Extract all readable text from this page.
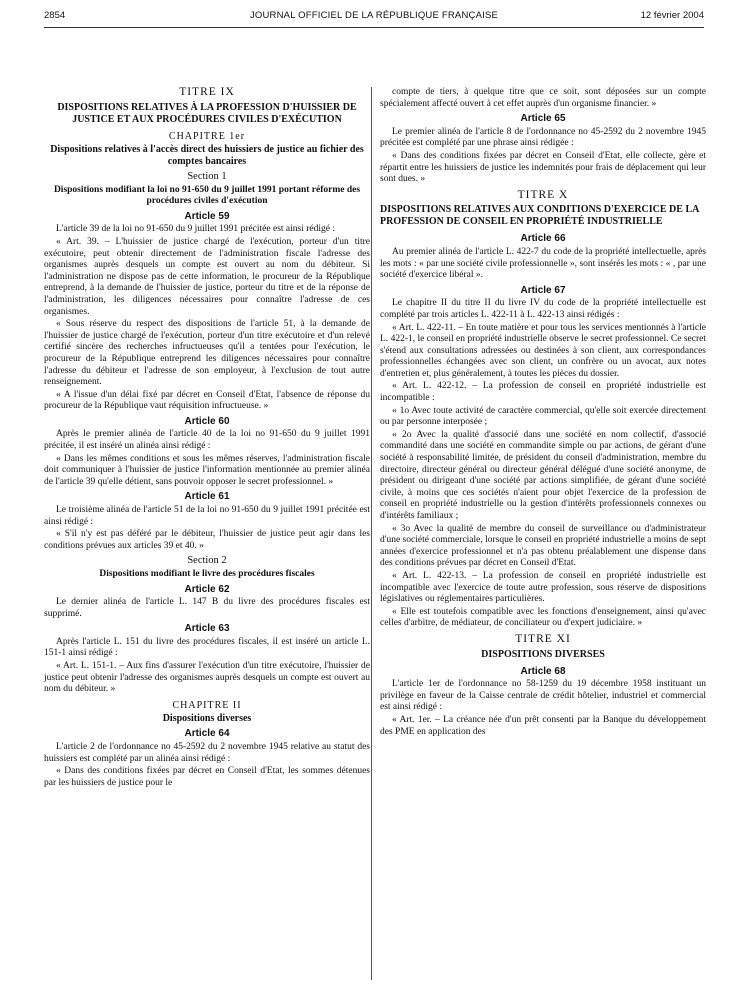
2854	JOURNAL OFFICIEL DE LA RÉPUBLIQUE FRANÇAISE	12 février 2004
TITRE IX
DISPOSITIONS RELATIVES À LA PROFESSION D'HUISSIER DE JUSTICE ET AUX PROCÉDURES CIVILES D'EXÉCUTION
CHAPITRE 1er
Dispositions relatives à l'accès direct des huissiers de justice au fichier des comptes bancaires
Section 1
Dispositions modifiant la loi no 91-650 du 9 juillet 1991 portant réforme des procédures civiles d'exécution
Article 59

L'article 39 de la loi no 91-650 du 9 juillet 1991 précitée est ainsi rédigé :

« Art. 39. – L'huissier de justice chargé de l'exécution, porteur d'un titre exécutoire, peut obtenir directement de l'administration fiscale l'adresse des organismes auprès desquels un compte est ouvert au nom du débiteur. Si l'administration ne dispose pas de cette information, le procureur de la République entreprend, à la demande de l'huissier de justice, porteur du titre et de la réponse de l'administration, les diligences nécessaires pour connaître l'adresse de ces organismes.

« Sous réserve du respect des dispositions de l'article 51, à la demande de l'huissier de justice chargé de l'exécution, porteur d'un titre exécutoire et d'un relevé certifié sincère des recherches infructueuses qu'il a tentées pour l'exécution, le procureur de la République entreprend les diligences nécessaires pour connaître l'adresse du débiteur et l'adresse de son employeur, à l'exclusion de tout autre renseignement.

« A l'issue d'un délai fixé par décret en Conseil d'Etat, l'absence de réponse du procureur de la République vaut réquisition infructueuse. »

Article 60

Après le premier alinéa de l'article 40 de la loi no 91-650 du 9 juillet 1991 précitée, il est inséré un alinéa ainsi rédigé :

« Dans les mêmes conditions et sous les mêmes réserves, l'administration fiscale doit communiquer à l'huissier de justice l'information mentionnée au premier alinéa de l'article 39 qu'elle détient, sans pouvoir opposer le secret professionnel. »

Article 61

Le troisième alinéa de l'article 51 de la loi no 91-650 du 9 juillet 1991 précitée est ainsi rédigé :

« S'il n'y est pas déféré par le débiteur, l'huissier de justice peut agir dans les conditions prévues aux articles 39 et 40. »

Section 2
Dispositions modifiant le livre des procédures fiscales
Article 62

Le dernier alinéa de l'article L. 147 B du livre des procédures fiscales est supprimé.

Article 63

Après l'article L. 151 du livre des procédures fiscales, il est inséré un article L. 151-1 ainsi rédigé :

« Art. L. 151-1. – Aux fins d'assurer l'exécution d'un titre exécutoire, l'huissier de justice peut obtenir l'adresse des organismes auprès desquels un compte est ouvert au nom du débiteur. »

CHAPITRE II
Dispositions diverses
Article 64

L'article 2 de l'ordonnance no 45-2592 du 2 novembre 1945 relative au statut des huissiers est complété par un alinéa ainsi rédigé :

« Dans des conditions fixées par décret en Conseil d'Etat, les sommes détenues par les huissiers de justice pour le

compte de tiers, à quelque titre que ce soit, sont déposées sur un compte spécialement affecté ouvert à cet effet auprès d'un organisme financier. »

Article 65

Le premier alinéa de l'article 8 de l'ordonnance no 45-2592 du 2 novembre 1945 précitée est complété par une phrase ainsi rédigée :

« Dans des conditions fixées par décret en Conseil d'Etat, elle collecte, gère et répartit entre les huissiers de justice les indemnités pour frais de déplacement qui leur sont dues. »

TITRE X
DISPOSITIONS RELATIVES AUX CONDITIONS D'EXERCICE DE LA PROFESSION DE CONSEIL EN PROPRIÉTÉ INDUSTRIELLE
Article 66

Au premier alinéa de l'article L. 422-7 du code de la propriété intellectuelle, après les mots : « par une société civile professionnelle », sont insérés les mots : « , par une société d'exercice libéral ».

Article 67

Le chapitre II du titre II du livre IV du code de la propriété intellectuelle est complété par trois articles L. 422-11 à L. 422-13 ainsi rédigés :

« Art. L. 422-11. – En toute matière et pour tous les services mentionnés à l'article L. 422-1, le conseil en propriété industrielle observe le secret professionnel. Ce secret s'étend aux consultations adressées ou destinées à son client, aux correspondances professionnelles échangées avec son client, un confrère ou un avocat, aux notes d'entretien et, plus généralement, à toutes les pièces du dossier.

« Art. L. 422-12. – La profession de conseil en propriété industrielle est incompatible :

« 1o Avec toute activité de caractère commercial, qu'elle soit exercée directement ou par personne interposée ;

« 2o Avec la qualité d'associé dans une société en nom collectif, d'associé commandité dans une société en commandite simple ou par actions, de gérant d'une société à responsabilité limitée, de président du conseil d'administration, membre du directoire, directeur général ou directeur général délégué d'une société anonyme, de président ou dirigeant d'une société par actions simplifiée, de gérant d'une société civile, à moins que ces sociétés n'aient pour objet l'exercice de la profession de conseil en propriété industrielle ou la gestion d'intérêts professionnels connexes ou d'intérêts familiaux ;

« 3o Avec la qualité de membre du conseil de surveillance ou d'administrateur d'une société commerciale, lorsque le conseil en propriété industrielle a moins de sept années d'exercice professionnel et n'a pas obtenu préalablement une dispense dans des conditions prévues par décret en Conseil d'Etat.

« Art. L. 422-13. – La profession de conseil en propriété industrielle est incompatible avec l'exercice de toute autre profession, sous réserve de dispositions législatives ou réglementaires particulières.

« Elle est toutefois compatible avec les fonctions d'enseignement, ainsi qu'avec celles d'arbitre, de médiateur, de conciliateur ou d'expert judiciaire. »

TITRE XI
DISPOSITIONS DIVERSES
Article 68

L'article 1er de l'ordonnance no 58-1259 du 19 décembre 1958 instituant un privilège en faveur de la Caisse centrale de crédit hôtelier, industriel et commercial est ainsi rédigé :

« Art. 1er. – La créance née d'un prêt consenti par la Banque du développement des PME en application des
